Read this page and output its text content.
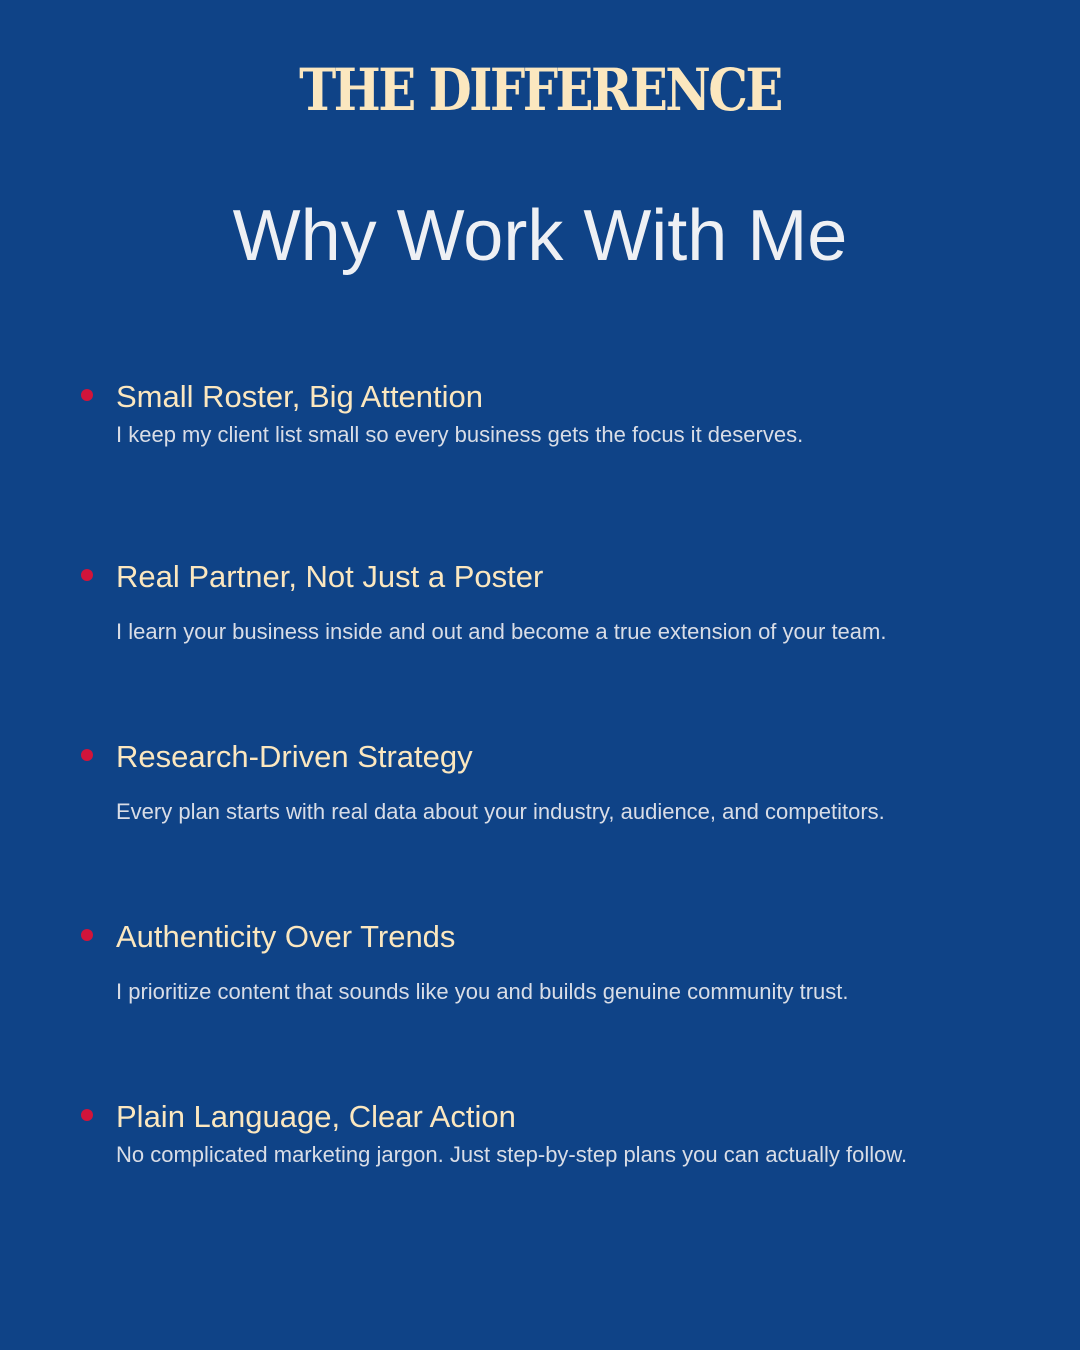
THE DIFFERENCE
Why Work With Me
Small Roster, Big Attention
I keep my client list small so every business gets the focus it deserves.
Real Partner, Not Just a Poster
I learn your business inside and out and become a true extension of your team.
Research-Driven Strategy
Every plan starts with real data about your industry, audience, and competitors.
Authenticity Over Trends
I prioritize content that sounds like you and builds genuine community trust.
Plain Language, Clear Action
No complicated marketing jargon. Just step-by-step plans you can actually follow.
